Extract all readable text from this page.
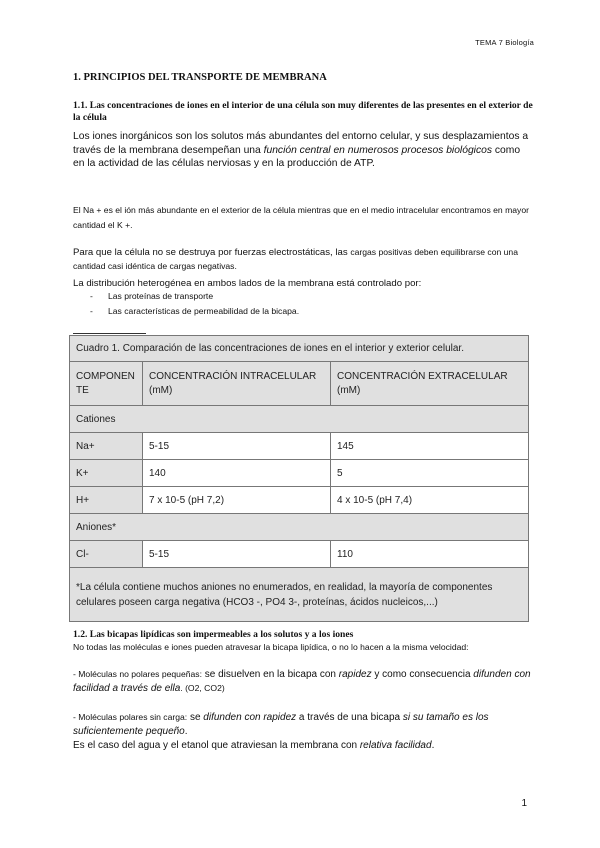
TEMA 7 Biología
1. PRINCIPIOS DEL TRANSPORTE DE MEMBRANA
1.1. Las concentraciones de iones en el interior de una célula son muy diferentes de las presentes en el exterior de la célula
Los iones inorgánicos son los solutos más abundantes del entorno celular, y sus desplazamientos a través de la membrana desempeñan una función central en numerosos procesos biológicos como en la actividad de las células nerviosas y en la producción de ATP.
El Na + es el ión más abundante en el exterior de la célula mientras que en el medio intracelular encontramos en mayor cantidad el K +.
Para que la célula no se destruya por fuerzas electrostáticas, las cargas positivas deben equilibrarse con una cantidad casi idéntica de cargas negativas.
La distribución heterogénea en ambos lados de la membrana está controlado por:
- Las proteínas de transporte
- Las características de permeabilidad de la bicapa.
Cuadro 1. Comparación de las concentraciones de iones en el interior y exterior celular.		
COMPONENTE	CONCENTRACIÓN INTRACELULAR (mM)	CONCENTRACIÓN EXTRACELULAR (mM)
Cationes		
Na+	5-15	145
K+	140	5
H+	7 x 10-5 (pH 7,2)	4 x 10-5 (pH 7,4)
Aniones*		
Cl-	5-15	110
*La célula contiene muchos aniones no enumerados, en realidad, la mayoría de componentes celulares poseen carga negativa (HCO3 -, PO4 3-, proteínas, ácidos nucleicos,...)		
1.2. Las bicapas lipídicas son impermeables a los solutos y a los iones
No todas las moléculas e iones pueden atravesar la bicapa lipídica, o no lo hacen a la misma velocidad:
- Moléculas no polares pequeñas: se disuelven en la bicapa con rapidez y como consecuencia difunden con facilidad a través de ella. (O2, CO2)
- Moléculas polares sin carga: se difunden con rapidez a través de una bicapa si su tamaño es los suficientemente pequeño.
Es el caso del agua y el etanol que atraviesan la membrana con relativa facilidad.
1
